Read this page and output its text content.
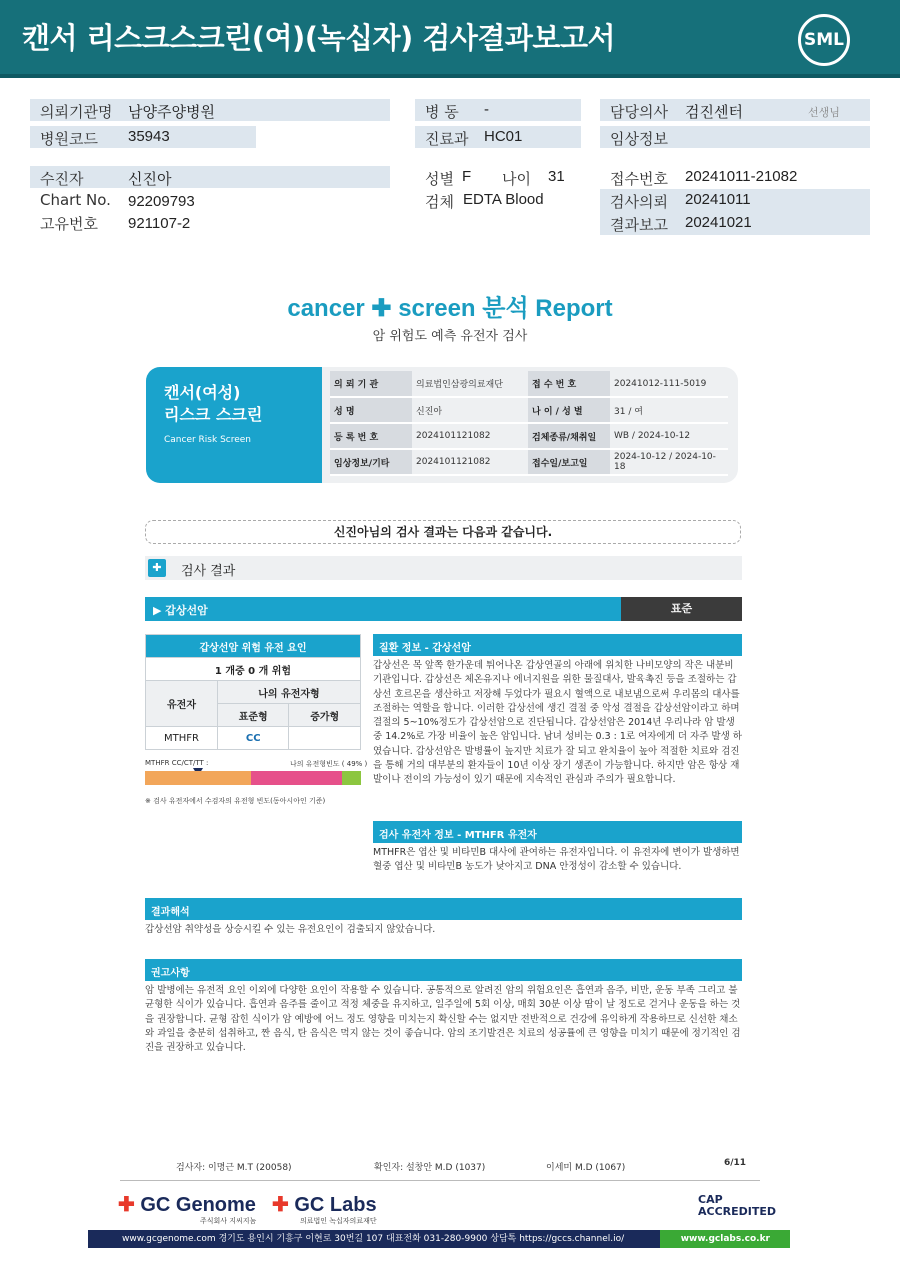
캔서 리스크스크린(여)(녹십자) 검사결과보고서	SML
의뢰기관명 남양주양병원
병원코드 35943
병 동 -
진료과 HC01
담당의사 검진센터	선생님
임상정보
수진자	신진아
Chart No. 92209793
고유번호 921107-2
성별 F 나이 31
검체 EDTA Blood
접수번호 20241011-21082
검사의뢰 20241011
결과보고 20241021
cancer ✚ screen 분석 Report
암 위험도 예측 유전자 검사
캔서(여성)
리스크 스크린
Cancer Risk Screen
의 뢰 기 관	의료법인삼광의료재단	접 수 번 호	20241012-111-5019
성 명	신진아	나 이 / 성 별	31 / 여
등 록 번 호	2024101121082	검체종류/채취일	WB / 2024-10-12
임상정보/기타	2024101121082	접수일/보고일	2024-10-12 / 2024-10-18
신진아님의 검사 결과는 다음과 같습니다.
✚	검사 결과
▶ 갑상선암	표준
갑상선암 위험 유전 요인		
1 개중 0 개 위험		
유전자	나의 유전자형	
	표준형	증가형
MTHFR	CC	
MTHFR CC/CT/TT :	나의 유전형빈도 ( 49% )
※ 검사 유전자에서 수검자의 유전형 빈도(동아시아인 기준)
질환 정보 - 갑상선암
갑상선은 목 앞쪽 한가운데 튀어나온 갑상연골의 아래에 위치한 나비모양의 작은 내분비기관입니다. 갑상선은 체온유지나 에너지원을 위한 물질대사, 발육촉진 등을 조절하는 갑상선 호르몬을 생산하고 저장해 두었다가 필요시 혈액으로 내보냄으로써 우리몸의 대사를 조절하는 역할을 합니다. 이러한 갑상선에 생긴 결절 중 악성 결절을 갑상선암이라고 하며 결절의 5~10%정도가 갑상선암으로 진단됩니다. 갑상선암은 2014년 우리나라 암 발생중 14.2%로 가장 비율이 높은 암입니다. 남녀 성비는 0.3 : 1로 여자에게 더 자주 발생 하였습니다. 갑상선암은 발병률이 높지만 치료가 잘 되고 완치율이 높아 적절한 치료와 검진을 통해 거의 대부분의 환자들이 10년 이상 장기 생존이 가능합니다. 하지만 암은 항상 재발이나 전이의 가능성이 있기 때문에 지속적인 관심과 주의가 필요합니다.
검사 유전자 정보 - MTHFR 유전자
MTHFR은 엽산 및 비타민B 대사에 관여하는 유전자입니다. 이 유전자에 변이가 발생하면 혈중 엽산 및 비타민B 농도가 낮아지고 DNA 안정성이 감소할 수 있습니다.
결과해석
갑상선암 취약성을 상승시킬 수 있는 유전요인이 검출되지 않았습니다.
권고사항
암 발병에는 유전적 요인 이외에 다양한 요인이 작용할 수 있습니다. 공통적으로 알려진 암의 위험요인은 흡연과 음주, 비만, 운동 부족 그리고 불균형한 식이가 있습니다. 흡연과 음주를 줄이고 적정 체중을 유지하고, 일주일에 5회 이상, 매회 30분 이상 땀이 날 정도로 걷거나 운동을 하는 것을 권장합니다. 균형 잡힌 식이가 암 예방에 어느 정도 영향을 미치는지 확신할 수는 없지만 전반적으로 건강에 유익하게 작용하므로 신선한 채소와 과일을 충분히 섭취하고, 짠 음식, 탄 음식은 먹지 않는 것이 좋습니다. 암의 조기발견은 치료의 성공률에 큰 영향을 미치기 때문에 정기적인 검진을 권장하고 있습니다.
검사자: 이명근 M.T (20058)	확인자: 설창안 M.D (1037)	이세미 M.D (1067)	6/11
✚ GC Genome
주식회사 지씨지놈
✚ GC Labs
의료법인 녹십자의료재단
CAP ACCREDITED
www.gcgenome.com 경기도 용인시 기흥구 이현로 30번길 107 대표전화 031-280-9900 상담톡 https://gccs.channel.io/	www.gclabs.co.kr
